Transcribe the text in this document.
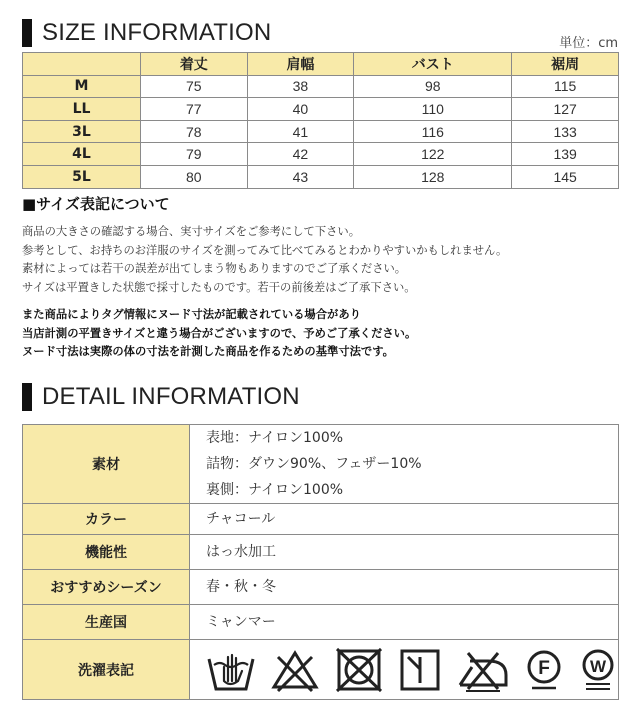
SIZE INFORMATION	単位：cm
	着丈	肩幅	バスト	裾周
M	75	38	98	115
LL	77	40	110	127
3L	78	41	116	133
4L	79	42	122	139
5L	80	43	128	145
■サイズ表記について
商品の大きさの確認する場合、実寸サイズをご参考にして下さい。
参考として、お持ちのお洋服のサイズを測ってみて比べてみるとわかりやすいかもしれません。
素材によっては若干の誤差が出てしまう物もありますのでご了承ください。
サイズは平置きした状態で採寸したものです。若干の前後差はご了承下さい。
また商品によりタグ情報にヌード寸法が記載されている場合があり
当店計測の平置きサイズと違う場合がございますので、予めご了承ください。
ヌード寸法は実際の体の寸法を計測した商品を作るための基準寸法です。
DETAIL INFORMATION
素材	表地：ナイロン100%
詰物：ダウン90%、フェザー10%
裏側：ナイロン100%

カラー	チャコール
機能性	はっ水加工
おすすめシーズン	春・秋・冬
生産国	ミャンマー
洗濯表記	F W
